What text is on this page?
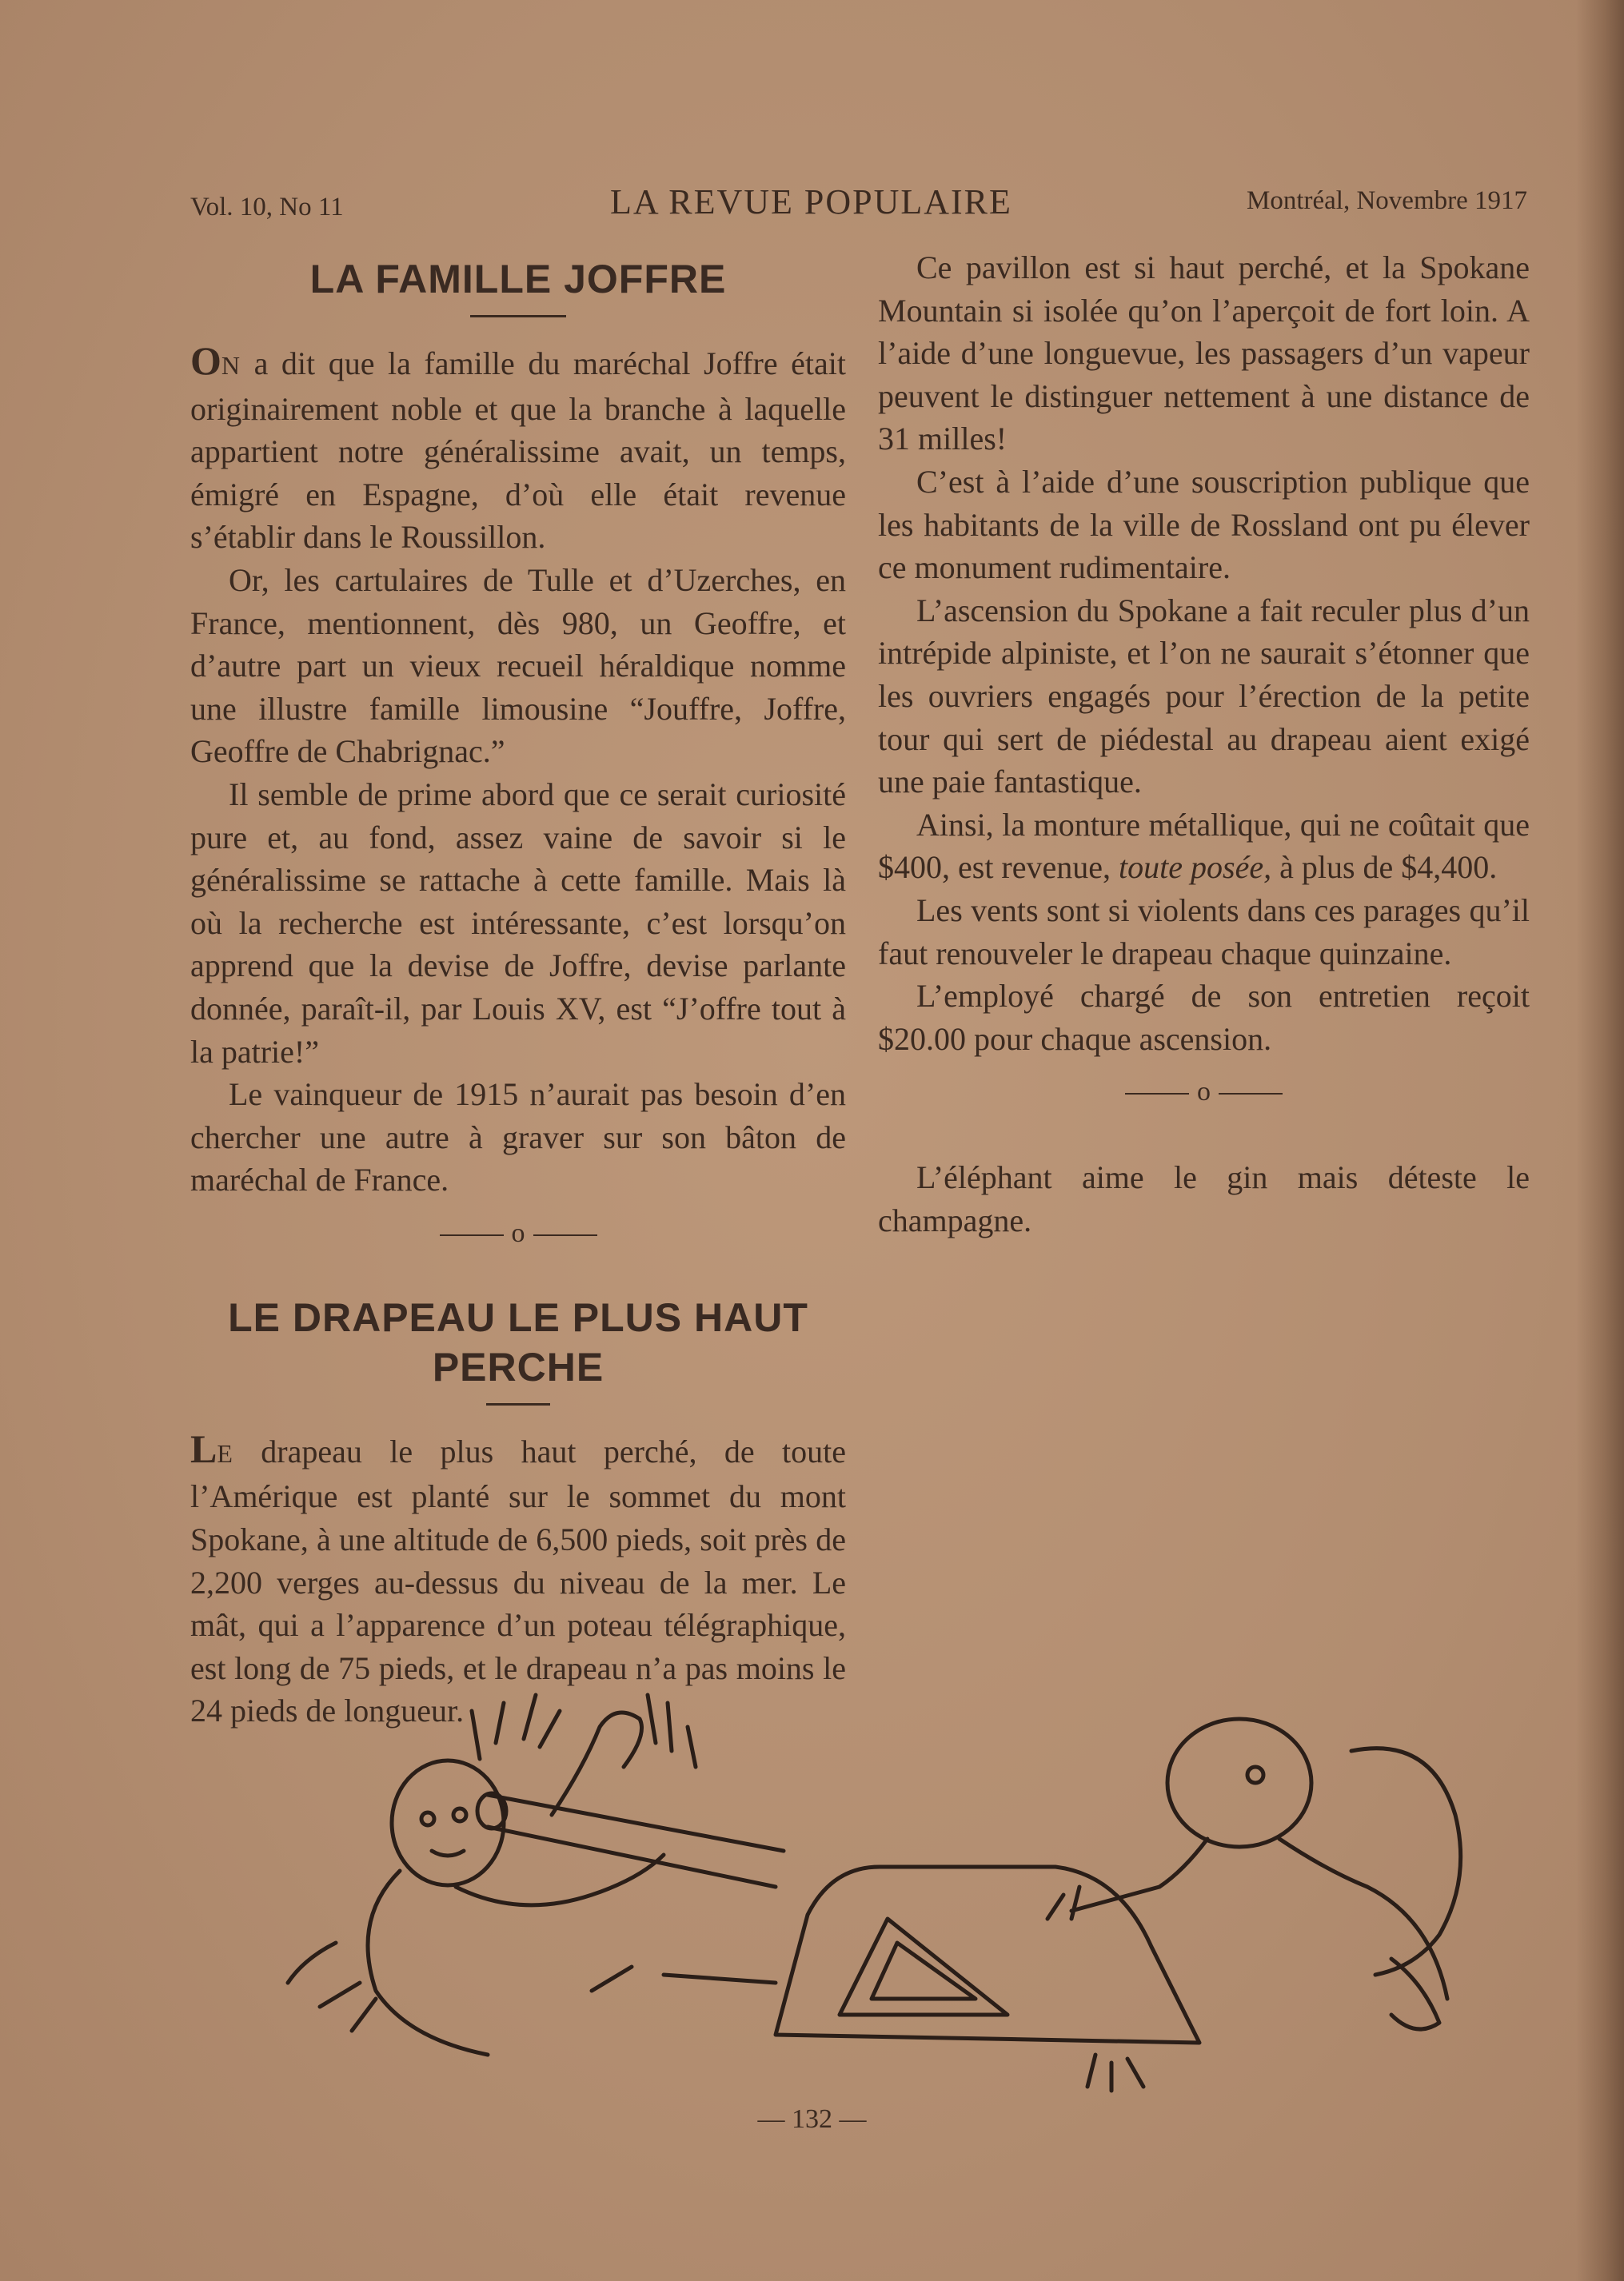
Vol. 10, No 11	LA REVUE POPULAIRE	Montréal, Novembre 1917
LA FAMILLE JOFFRE

ON a dit que la famille du maréchal Joffre était originairement noble et que la branche à laquelle appartient notre généralissime avait, un temps, émigré en Espagne, d’où elle était revenue s’établir dans le Roussillon.

Or, les cartulaires de Tulle et d’Uzerches, en France, mentionnent, dès 980, un Geoffre, et d’autre part un vieux recueil héraldique nomme une illustre famille limousine “Jouffre, Joffre, Geoffre de Chabrignac.”

Il semble de prime abord que ce serait curiosité pure et, au fond, assez vaine de savoir si le généralissime se rattache à cette famille. Mais là où la recherche est intéressante, c’est lorsqu’on apprend que la devise de Joffre, devise parlante donnée, paraît-il, par Louis XV, est “J’offre tout à la patrie!”

Le vainqueur de 1915 n’aurait pas besoin d’en chercher une autre à graver sur son bâton de maréchal de France.

o
LE DRAPEAU LE PLUS HAUT PERCHE

LE drapeau le plus haut perché, de toute l’Amérique est planté sur le sommet du mont Spokane, à une altitude de 6,500 pieds, soit près de 2,200 verges au-dessus du niveau de la mer. Le mât, qui a l’apparence d’un poteau télégraphique, est long de 75 pieds, et le drapeau n’a pas moins le 24 pieds de longueur.

Ce pavillon est si haut perché, et la Spokane Mountain si isolée qu’on l’aperçoit de fort loin. A l’aide d’une longuevue, les passagers d’un vapeur peuvent le distinguer nettement à une distance de 31 milles!

C’est à l’aide d’une souscription publique que les habitants de la ville de Rossland ont pu élever ce monument rudimentaire.

L’ascension du Spokane a fait reculer plus d’un intrépide alpiniste, et l’on ne saurait s’étonner que les ouvriers engagés pour l’érection de la petite tour qui sert de piédestal au drapeau aient exigé une paie fantastique.

Ainsi, la monture métallique, qui ne coûtait que $400, est revenue, toute posée, à plus de $4,400.

Les vents sont si violents dans ces parages qu’il faut renouveler le drapeau chaque quinzaine.

L’employé chargé de son entretien reçoit $20.00 pour chaque ascension.

o

L’éléphant aime le gin mais déteste le champagne.

— 132 —
